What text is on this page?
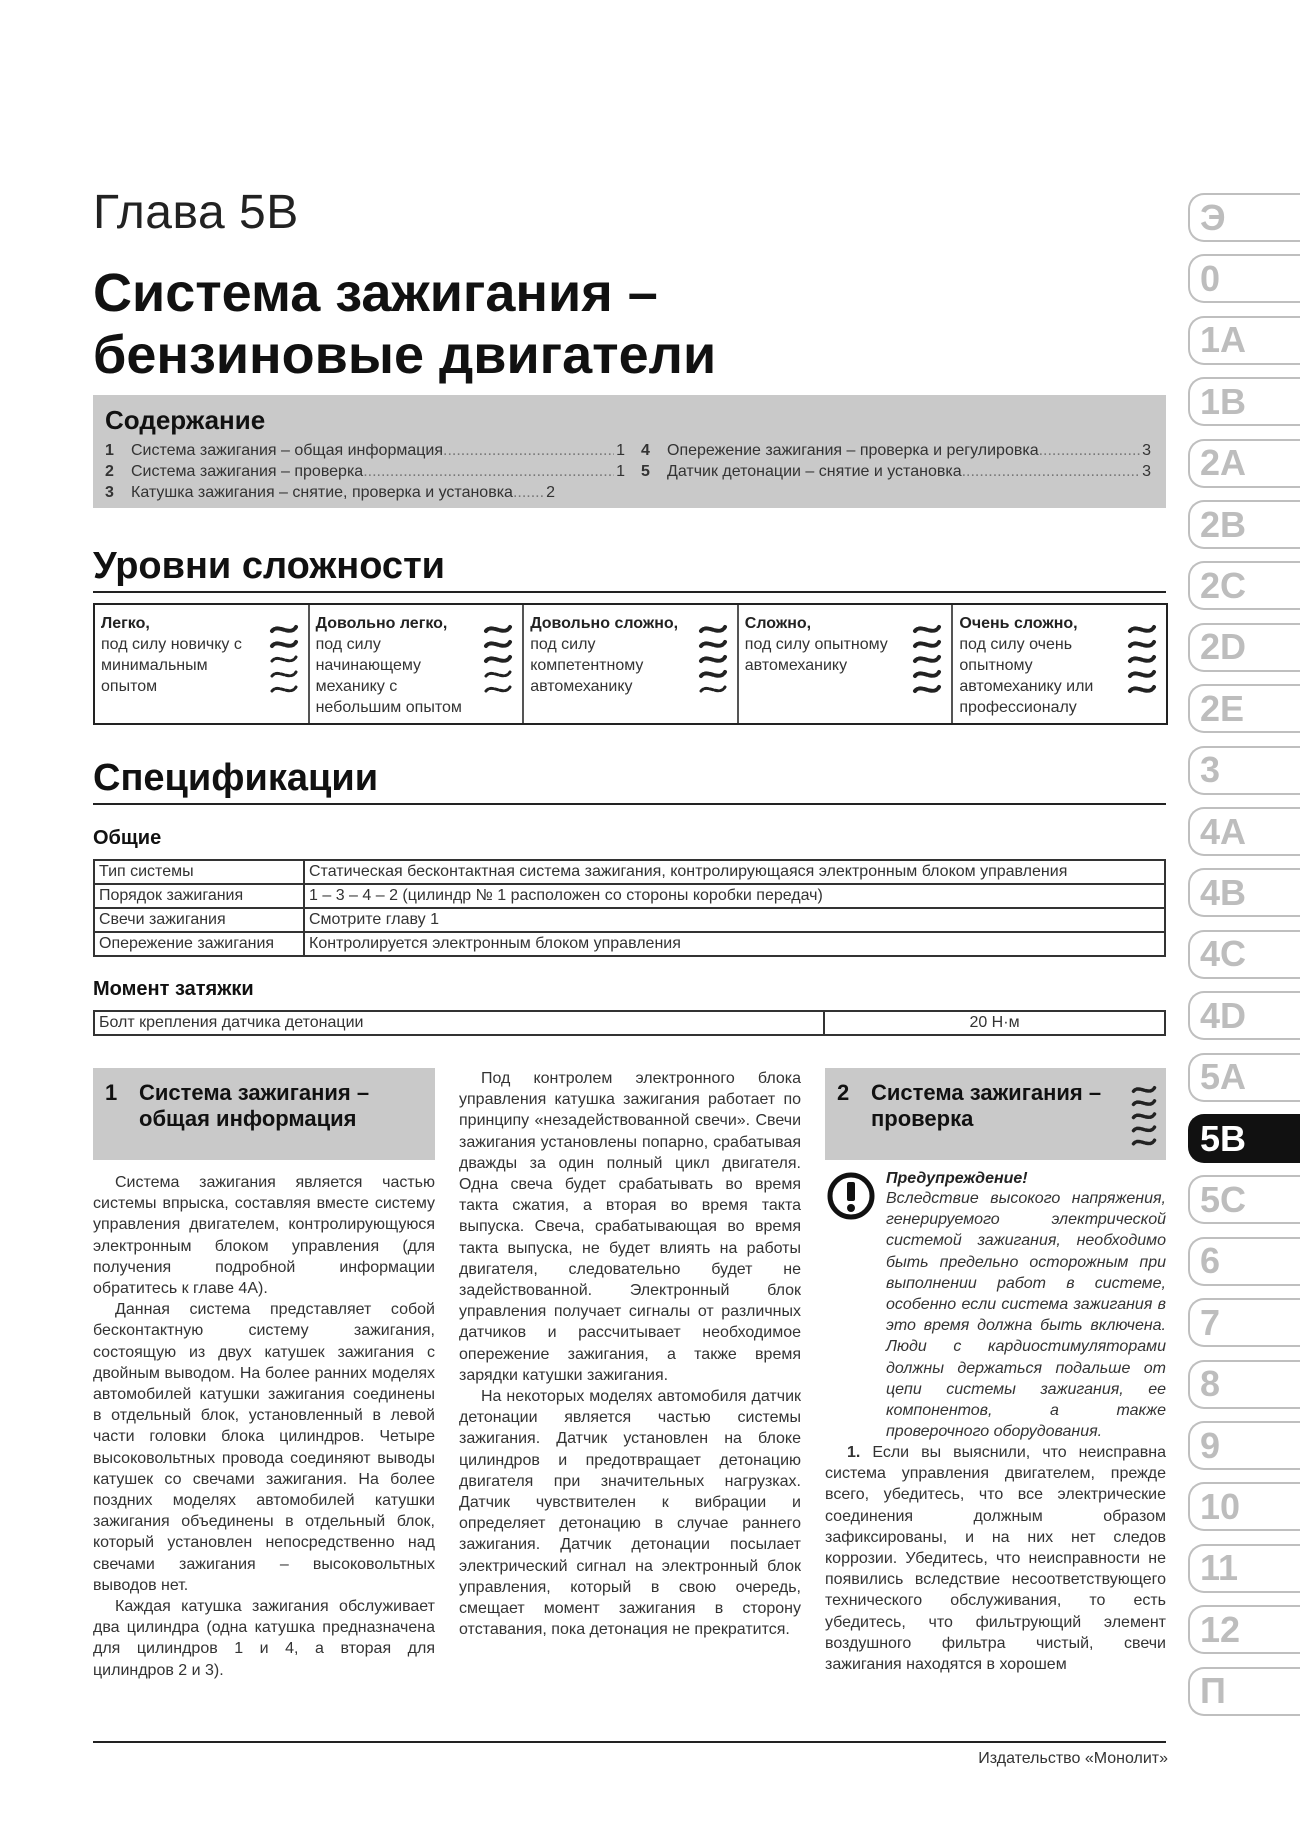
Глава 5В
Система зажигания –
бензиновые двигатели
Содержание
1	Система зажигания – общая информация .....	1
2	Система зажигания – проверка .....	1
3	Катушка зажигания – снятие, проверка и установка ..... 2
4	Опережение зажигания – проверка и регулировка .....	3
5	Датчик детонации – снятие и установка .....	3
Уровни сложности
Легко,
под силу новичку с минимальным опытом
Довольно легко,
под силу начинающему механику с небольшим опытом
Довольно сложно,
под силу компетентному автомеханику
Сложно,
под силу опытному автомеханику
Очень сложно,
под силу очень опытному автомеханику или профессионалу
Спецификации
Общие
Тип системы	Статическая бесконтактная система зажигания, контролирующаяся электронным блоком управления
Порядок зажигания	1 – 3 – 4 – 2 (цилиндр № 1 расположен со стороны коробки передач)
Свечи зажигания	Смотрите главу 1
Опережение зажигания	Контролируется электронным блоком управления
Момент затяжки
Болт крепления датчика детонации	20 Н·м
1 Система зажигания – общая информация

Система зажигания является частью системы впрыска, составляя вместе систему управления двигателем, контролирующуюся электронным блоком управления (для получения подробной информации обратитесь к главе 4А).

Данная система представляет собой бесконтактную систему зажигания, состоящую из двух катушек зажигания с двойным выводом. На более ранних моделях автомобилей катушки зажигания соединены в отдельный блок, установленный в левой части головки блока цилиндров. Четыре высоковольтных провода соединяют выводы катушек со свечами зажигания. На более поздних моделях автомобилей катушки зажигания объединены в отдельный блок, который установлен непосредственно над свечами зажигания – высоковольтных выводов нет.

Каждая катушка зажигания обслуживает два цилиндра (одна катушка предназначена для цилиндров 1 и 4, а вторая для цилиндров 2 и 3).

Под контролем электронного блока управления катушка зажигания работает по принципу «незадействованной свечи». Свечи зажигания установлены попарно, срабатывая дважды за один полный цикл двигателя. Одна свеча будет срабатывать во время такта сжатия, а вторая во время такта выпуска. Свеча, срабатывающая во время такта выпуска, не будет влиять на работы двигателя, следовательно будет не задействованной. Электронный блок управления получает сигналы от различных датчиков и рассчитывает необходимое опережение зажигания, а также время зарядки катушки зажигания.

На некоторых моделях автомобиля датчик детонации является частью системы зажигания. Датчик установлен на блоке цилиндров и предотвращает детонацию двигателя при значительных нагрузках. Датчик чувствителен к вибрации и определяет детонацию в случае раннего зажигания. Датчик детонации посылает электрический сигнал на электронный блок управления, который в свою очередь, смещает момент зажигания в сторону отставания, пока детонация не прекратится.

2 Система зажигания – проверка
Предупреждение!
Вследствие высокого напряжения, генерируемого электрической системой зажигания, необходимо быть предельно осторожным при выполнении работ в системе, особенно если система зажигания в это время должна быть включена. Люди с кардиостимуляторами должны держаться подальше от цепи системы зажигания, ее компонентов, а также проверочного оборудования.

1. Если вы выяснили, что неисправна система управления двигателем, прежде всего, убедитесь, что все электрические соединения должным образом зафиксированы, и на них нет следов коррозии. Убедитесь, что неисправности не появились вследствие несоответствующего технического обслуживания, то есть убедитесь, что фильтрующий элемент воздушного фильтра чистый, свечи зажигания находятся в хорошем

Издательство «Монолит»
Э
0
1A
1B
2A
2B
2C
2D
2E
3
4A
4B
4C
4D
5A
5B
5C
6
7
8
9
10
11
12
П
